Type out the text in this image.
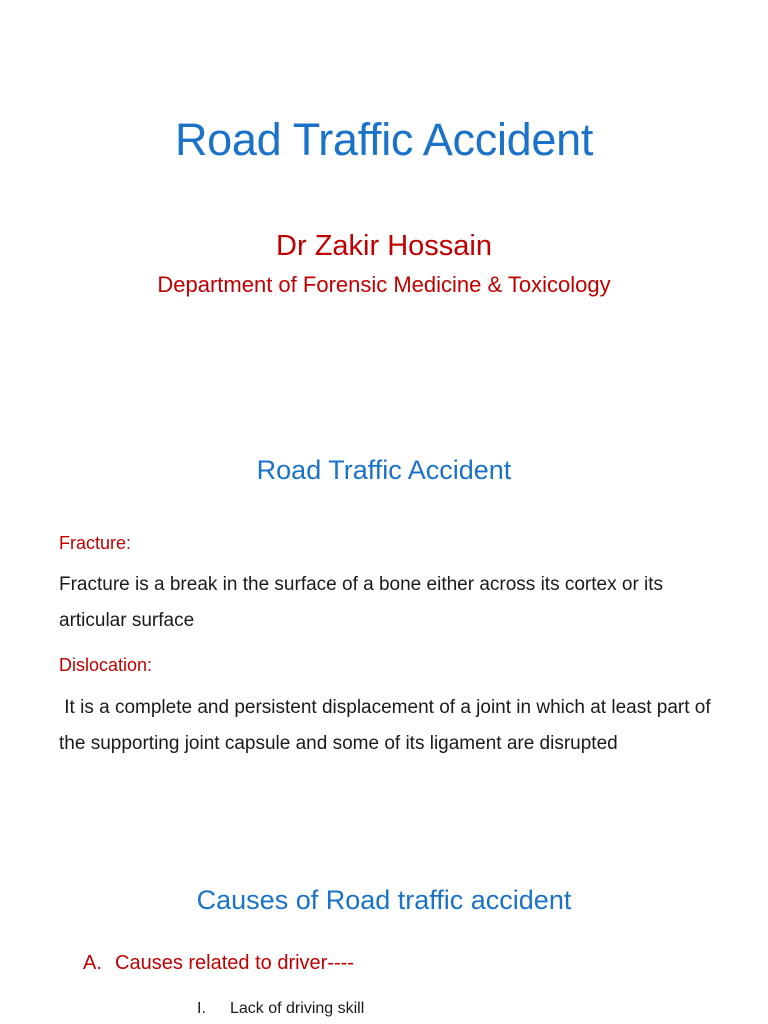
Road Traffic Accident
Dr Zakir Hossain
Department of Forensic Medicine & Toxicology
Road Traffic Accident
Fracture:

Fracture is a break in the surface of a bone either across its cortex or its articular surface

Dislocation:

It is a complete and persistent displacement of a joint in which at least part of the supporting joint capsule and some of its ligament are disrupted

Causes of Road traffic accident
A. Causes related to driver----
I. Lack of driving skill
